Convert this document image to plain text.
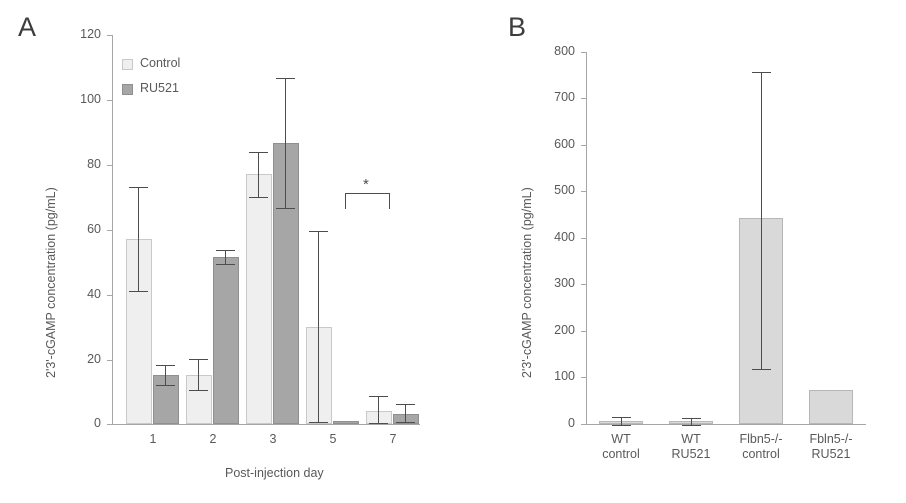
A	120
100
80
60
40
20
0
2'3'-cGAMP concentration (pg/mL)
Post-injection day
Control
RU521
1	2	3	5
*
7
B
800
700
600
500
400
300
200
100
0
2'3'-cGAMP concentration (pg/mL)
WT
control
WT
RU521
Flbn5-/-
control
Fbln5-/-
RU521
